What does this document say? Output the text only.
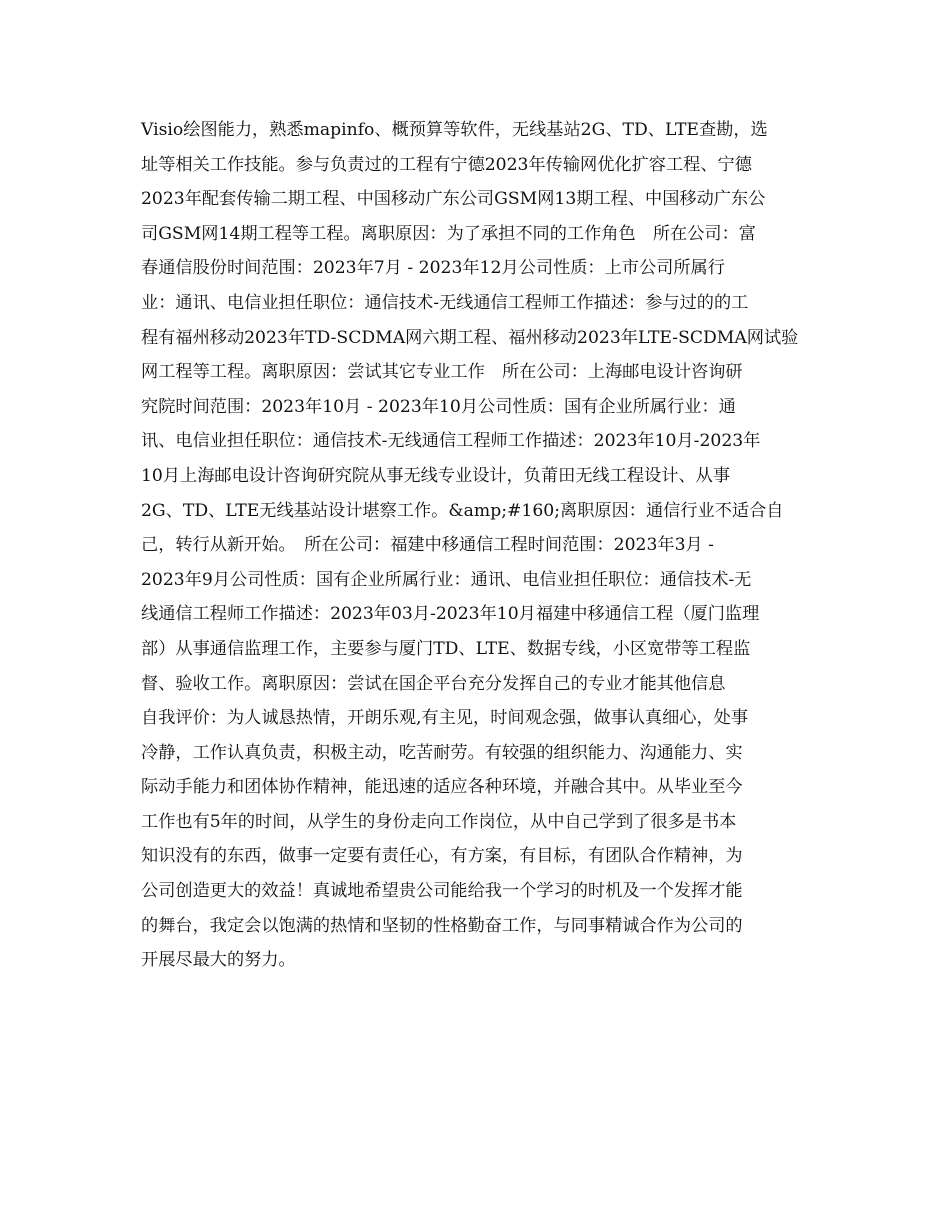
Visio绘图能力，熟悉mapinfo、概预算等软件，无线基站2G、TD、LTE查勘，选
址等相关工作技能。参与负责过的工程有宁德2023年传输网优化扩容工程、宁德
2023年配套传输二期工程、中国移动广东公司GSM网13期工程、中国移动广东公
司GSM网14期工程等工程。离职原因：为了承担不同的工作角色　所在公司：富
春通信股份时间范围：2023年7月 - 2023年12月公司性质：上市公司所属行
业：通讯、电信业担任职位：通信技术-无线通信工程师工作描述：参与过的的工
程有福州移动2023年TD-SCDMA网六期工程、福州移动2023年LTE-SCDMA网试验
网工程等工程。离职原因：尝试其它专业工作　所在公司：上海邮电设计咨询研
究院时间范围：2023年10月 - 2023年10月公司性质：国有企业所属行业：通
讯、电信业担任职位：通信技术-无线通信工程师工作描述：2023年10月-2023年
10月上海邮电设计咨询研究院从事无线专业设计，负莆田无线工程设计、从事
2G、TD、LTE无线基站设计堪察工作。&amp;#160;离职原因：通信行业不适合自
己，转行从新开始。　所在公司：福建中移通信工程时间范围：2023年3月 -
2023年9月公司性质：国有企业所属行业：通讯、电信业担任职位：通信技术-无
线通信工程师工作描述：2023年03月-2023年10月福建中移通信工程（厦门监理
部）从事通信监理工作，主要参与厦门TD、LTE、数据专线，小区宽带等工程监
督、验收工作。离职原因：尝试在国企平台充分发挥自己的专业才能其他信息
自我评价：为人诚恳热情，开朗乐观,有主见，时间观念强，做事认真细心，处事
冷静，工作认真负责，积极主动，吃苦耐劳。有较强的组织能力、沟通能力、实
际动手能力和团体协作精神，能迅速的适应各种环境，并融合其中。从毕业至今
工作也有5年的时间，从学生的身份走向工作岗位，从中自己学到了很多是书本
知识没有的东西，做事一定要有责任心，有方案，有目标，有团队合作精神，为
公司创造更大的效益！真诚地希望贵公司能给我一个学习的时机及一个发挥才能
的舞台，我定会以饱满的热情和坚韧的性格勤奋工作，与同事精诚合作为公司的
开展尽最大的努力。
